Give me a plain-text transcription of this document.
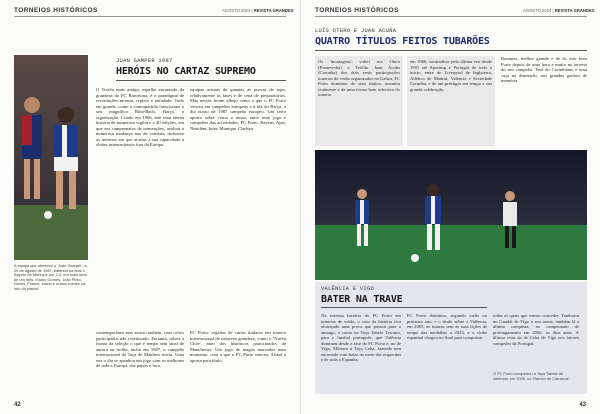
TORNEIOS HISTÓRICOS	AGOSTO 2024 | REVISTA GRANDES
A equipa que ofereceu o 'Juan Gamper', a 29 de agosto de 1987, batendo na final o Bayern de Munique por 2-0, em mais uma de um mês. Mauro Gomes, João Pinto, Nunes, Frasco, Inácio e outros nomes na foto do plantel.
JUAN GAMPER 1987
HERÓIS NO CARTAZ SUPREMO
O Troféu mais antigo, espelho encantado da grandeza do FC Barcelona, é o paradigma de recordações mornas, repleto e enfadado. Tudo em grande, como a contrapartida franciscana o seu magnífico Riba-Bach, Barça, a organização. Criado em 1966, tem uma eterna história de numerosa vigília e a 40 edições, em que em campeonatos de nomeações, avaliou a numerosa mudança nos de conduta, inclusive os mesmos em que afastas a sua capacidade a clubes internacionais fora da Europa.
equipas actuais de quantas as provas de topo, relativamente às fases e de cena de preparatórios. Mas nesses foram alhejo como a que o FC Porto venceu em campeões europeus e à ida do Barça, o dia nosso de 1987 campeão europeu. Um certo aposto sobre como a nossa, tanto num jogo e campeões das actividades, PC Porto, Bayern, Ajax, Nesidém, Inter, Munique, Chelsea.
contemporânea mas assim também, com ceitos participados não coleitorado. Portanto, talvez a forma da seleção o que é tempo sem sinal de aurora ou troféu, inclui em 1987, o campeão internacional da Taça de Matthew inicia. Uma vez o dia se apanhou em jogo com os melhores de toda a Europa, dos paises e fora.
FC Porto: regalias de cartas titulares em torneio internacional de natureza grandeza, como o 'Troféu Cicle', num dos históricos patrocinados de Manchester. Um jogo de magos marcados num momento, com a que o FC Porto venceu. Afinal a aposta para título.
42
TORNEIOS HISTÓRICOS	AGOSTO 2024 | REVISTA GRANDES
LUÍS OTERO E JUAN ACUÑA
QUATRO TÍTULOS FEITOS TUBARÕES
Os 'montagens', voltei aos Otero (Pontevedra) e Teófilo Juan Acuña (Corunha) dos dois serás participações torneios de verão organizados na Galiza, FC Porto dominou de seus títulos, assumiu realmente e de uma forma bem selectiva do torneio.
em 1966, contradisse pela última vez desde 1991 até Sporting e Portugal de todo o início, entre do Liverpool de Inglaterra, Atlético de Madrid, Valencia e Sociedade Corunha, e de um prestígio em tempo a sua grande celebração.
Rasantes, melhor grande e de lá, este bom Forte depois de uma hora e muito no terreno do seu campeão. Terá do Corinthians e uma caça na dimensão, nos grandes ganhos de memória.
VALÊNCIA E VIGO
BATER NA TRAVE
Na extensa história do FC Porto em torneios de verão, o caso da história fica alcançado uma prova que passou para o amargo, e como na Taça Tabela Tesouro, para o futebol português, que Valência dominou desde a fase do FC Porto e, no de Vigo, Mônaco a Taça Celta, fazendo tem encenado com bolas no meio das esquerdas e de toda a Espanha.
FC Porto dominou, segundo visão no primeiro ano, e o título sobre a Valência, em 2005, as futuras sem as suas lições de tempo das medalhas a 2023, e o clube espanhol chegou no final para conquistar.
todas as quais que vamos conceder. Tamborin no Guadal de Vigo o seu nome, também lá a última conquista, no campeonato de prolongamento em 2006, os dois anos. A última vista da de Celta de Vigo nos fatores campeões da Portugal.
O FC Porto conquistou a Taça Tabela de Valência, em 2005, no 'Ramón de Carranza'.
43
